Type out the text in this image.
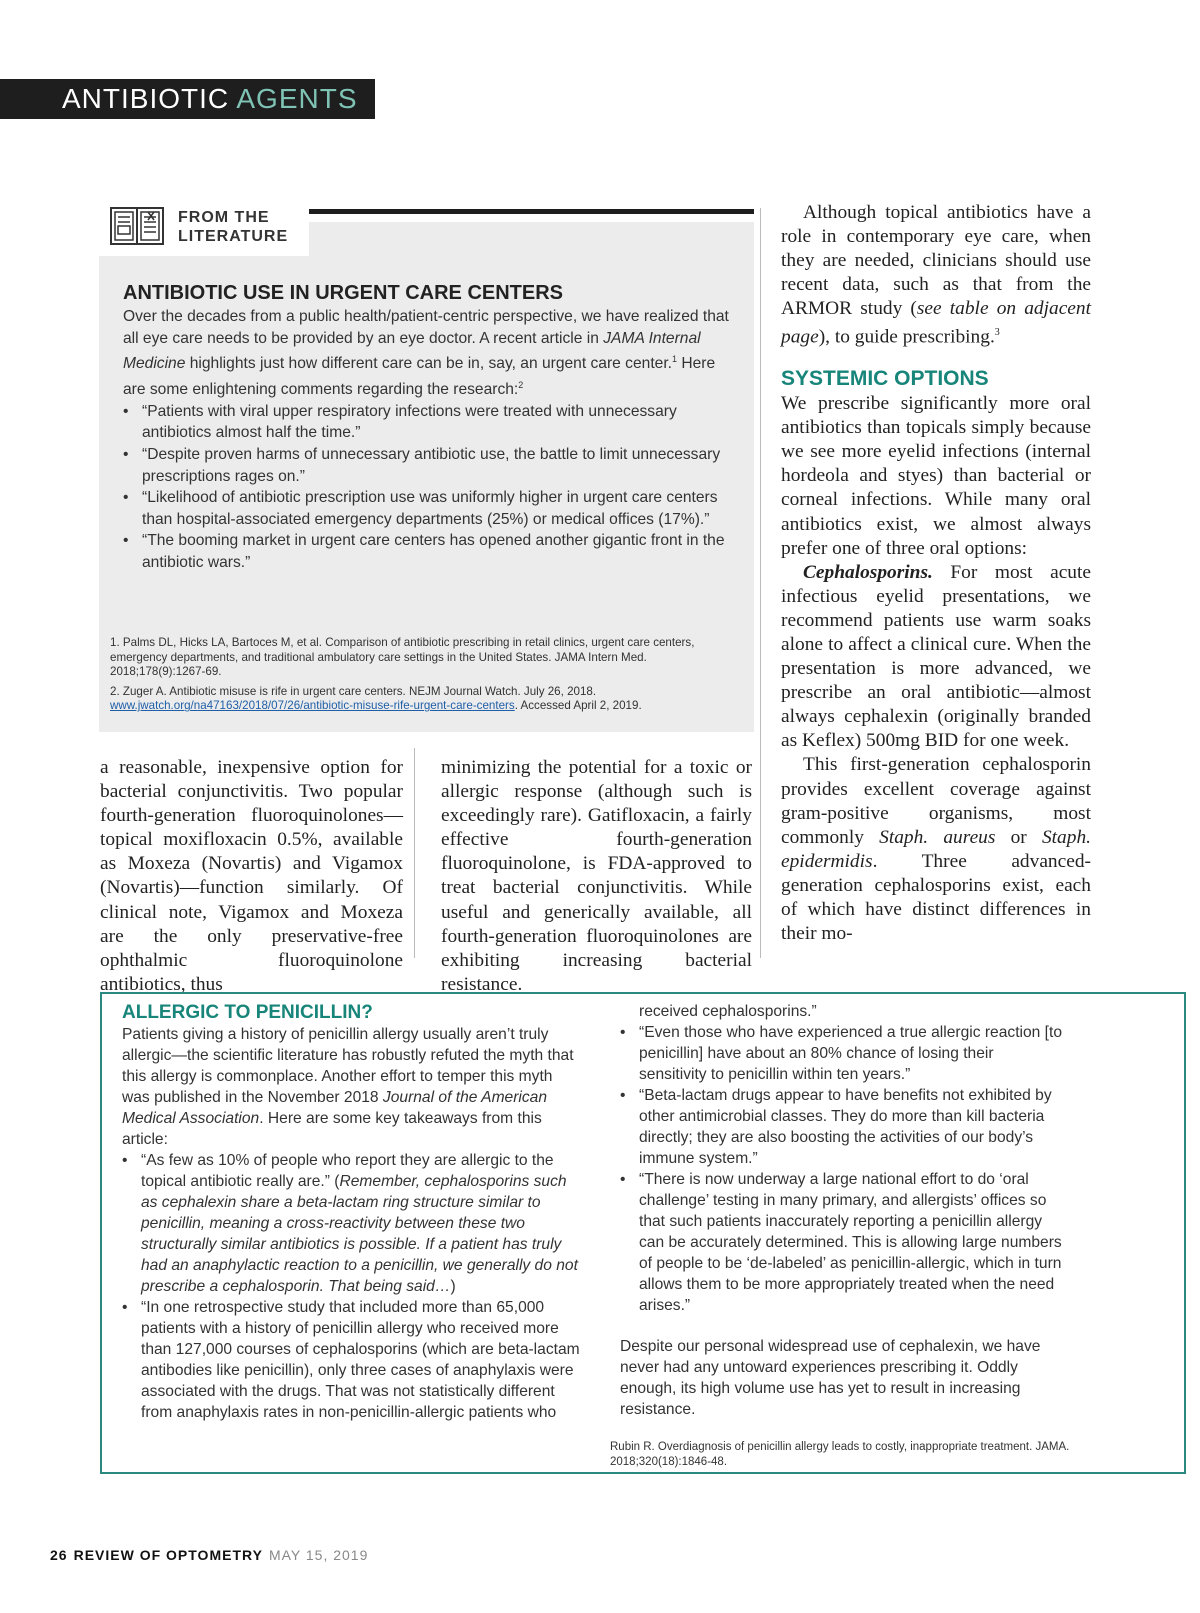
ANTIBIOTIC AGENTS
FROM THE
LITERATURE
ANTIBIOTIC USE IN URGENT CARE CENTERS

Over the decades from a public health/patient-centric perspective, we have realized that all eye care needs to be provided by an eye doctor. A recent article in JAMA Internal Medicine highlights just how different care can be in, say, an urgent care center.$^1$ Here are some enlightening comments regarding the research:$^2$

• “Patients with viral upper respiratory infections were treated with unnecessary antibiotics almost half the time.”

• “Despite proven harms of unnecessary antibiotic use, the battle to limit unnecessary prescriptions rages on.”

• “Likelihood of antibiotic prescription use was uniformly higher in urgent care centers than hospital-associated emergency departments (25%) or medical offices (17%).”

• “The booming market in urgent care centers has opened another gigantic front in the antibiotic wars.”

1. Palms DL, Hicks LA, Bartoces M, et al. Comparison of antibiotic prescribing in retail clinics, urgent care centers, emergency departments, and traditional ambulatory care settings in the United States. JAMA Intern Med. 2018;178(9):1267-69.

2. Zuger A. Antibiotic misuse is rife in urgent care centers. NEJM Journal Watch. July 26, 2018. www.jwatch.org/na47163/2018/07/26/antibiotic-misuse-rife-urgent-care-centers. Accessed April 2, 2019.

a reasonable, inexpensive option for bacterial conjunctivitis. Two popular fourth-generation fluoroquinolones—topical moxifloxacin 0.5%, available as Moxeza (Novartis) and Vigamox (Novartis)—function similarly. Of clinical note, Vigamox and Moxeza are the only preservative-free ophthalmic fluoroquinolone antibiotics, thus

minimizing the potential for a toxic or allergic response (although such is exceedingly rare). Gatifloxacin, a fairly effective fourth-generation fluoroquinolone, is FDA-approved to treat bacterial conjunctivitis. While useful and generically available, all fourth-generation fluoroquinolones are exhibiting increasing bacterial resistance.

Although topical antibiotics have a role in contemporary eye care, when they are needed, clinicians should use recent data, such as that from the ARMOR study (see table on adjacent page), to guide prescribing.$^3$

SYSTEMIC OPTIONS

We prescribe significantly more oral antibiotics than topicals simply because we see more eyelid infections (internal hordeola and styes) than bacterial or corneal infections. While many oral antibiotics exist, we almost always prefer one of three oral options:

Cephalosporins. For most acute infectious eyelid presentations, we recommend patients use warm soaks alone to affect a clinical cure. When the presentation is more advanced, we prescribe an oral antibiotic—almost always cephalexin (originally branded as Keflex) 500mg BID for one week.

This first-generation cephalosporin provides excellent coverage against gram-positive organisms, most commonly Staph. aureus or Staph. epidermidis. Three advanced-generation cephalosporins exist, each of which have distinct differences in their mo-

ALLERGIC TO PENICILLIN?

Patients giving a history of penicillin allergy usually aren’t truly allergic—the scientific literature has robustly refuted the myth that this allergy is commonplace. Another effort to temper this myth was published in the November 2018 Journal of the American Medical Association. Here are some key takeaways from this article:

• “As few as 10% of people who report they are allergic to the topical antibiotic really are.” (Remember, cephalosporins such as cephalexin share a beta-lactam ring structure similar to penicillin, meaning a cross-reactivity between these two structurally similar antibiotics is possible. If a patient has truly had an anaphylactic reaction to a penicillin, we generally do not prescribe a cephalosporin. That being said…)

• “In one retrospective study that included more than 65,000 patients with a history of penicillin allergy who received more than 127,000 courses of cephalosporins (which are beta-lactam antibodies like penicillin), only three cases of anaphylaxis were associated with the drugs. That was not statistically different from anaphylaxis rates in non-penicillin-allergic patients who

received cephalosporins.”

• “Even those who have experienced a true allergic reaction [to penicillin] have about an 80% chance of losing their sensitivity to penicillin within ten years.”

• “Beta-lactam drugs appear to have benefits not exhibited by other antimicrobial classes. They do more than kill bacteria directly; they are also boosting the activities of our body’s immune system.”

• “There is now underway a large national effort to do ‘oral challenge’ testing in many primary, and allergists’ offices so that such patients inaccurately reporting a penicillin allergy can be accurately determined. This is allowing large numbers of people to be ‘de-labeled’ as penicillin-allergic, which in turn allows them to be more appropriately treated when the need arises.”

Despite our personal widespread use of cephalexin, we have never had any untoward experiences prescribing it. Oddly enough, its high volume use has yet to result in increasing resistance.

Rubin R. Overdiagnosis of penicillin allergy leads to costly, inappropriate treatment. JAMA. 2018;320(18):1846-48.
26 REVIEW OF OPTOMETRY MAY 15, 2019
